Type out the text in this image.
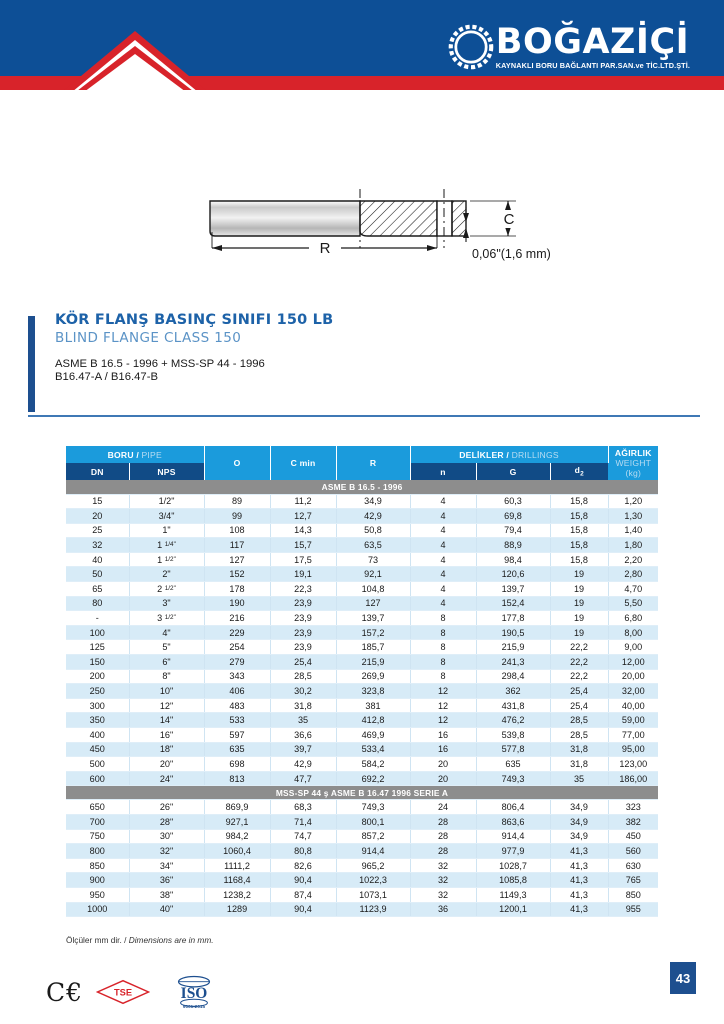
BOĞAZİÇİ
KAYNAKLI BORU BAĞLANTI PAR.SAN.ve TİC.LTD.ŞTİ.
R
C
0,06"(1,6 mm)
KÖR FLANŞ BASINÇ SINIFI 150 LB
BLIND FLANGE CLASS 150
ASME B 16.5 - 1996 + MSS-SP 44 - 1996
B16.47-A / B16.47-B
BORU / PIPE		O	C min	R	DELİKLER / DRILLINGS			AĞIRLIK
WEIGHT
(kg)

DN	NPS				n	G	$d_2$
ASME B 16.5 - 1996								
15	1/2"	89	11,2	34,9	4	60,3	15,8	1,20
20	3/4"	99	12,7	42,9	4	69,8	15,8	1,30
25	1"	108	14,3	50,8	4	79,4	15,8	1,40
32	1 $^{1/4"}$	117	15,7	63,5	4	88,9	15,8	1,80
40	1 $^{1/2"}$	127	17,5	73	4	98,4	15,8	2,20
50	2"	152	19,1	92,1	4	120,6	19	2,80
65	2 $^{1/2"}$	178	22,3	104,8	4	139,7	19	4,70
80	3"	190	23,9	127	4	152,4	19	5,50
-	3 $^{1/2"}$	216	23,9	139,7	8	177,8	19	6,80
100	4"	229	23,9	157,2	8	190,5	19	8,00
125	5"	254	23,9	185,7	8	215,9	22,2	9,00
150	6"	279	25,4	215,9	8	241,3	22,2	12,00
200	8"	343	28,5	269,9	8	298,4	22,2	20,00
250	10"	406	30,2	323,8	12	362	25,4	32,00
300	12"	483	31,8	381	12	431,8	25,4	40,00
350	14"	533	35	412,8	12	476,2	28,5	59,00
400	16"	597	36,6	469,9	16	539,8	28,5	77,00
450	18"	635	39,7	533,4	16	577,8	31,8	95,00
500	20"	698	42,9	584,2	20	635	31,8	123,00
600	24"	813	47,7	692,2	20	749,3	35	186,00
MSS-SP 44 ş ASME B 16.47 1996 SERIE A								
650	26"	869,9	68,3	749,3	24	806,4	34,9	323
700	28"	927,1	71,4	800,1	28	863,6	34,9	382
750	30"	984,2	74,7	857,2	28	914,4	34,9	450
800	32"	1060,4	80,8	914,4	28	977,9	41,3	560
850	34"	1111,2	82,6	965,2	32	1028,7	41,3	630
900	36"	1168,4	90,4	1022,3	32	1085,8	41,3	765
950	38"	1238,2	87,4	1073,1	32	1149,3	41,3	850
1000	40"	1289	90,4	1123,9	36	1200,1	41,3	955
Ölçüler mm dir. / Dimensions are in mm.
C€ TSE ISO
9001:2015
43
